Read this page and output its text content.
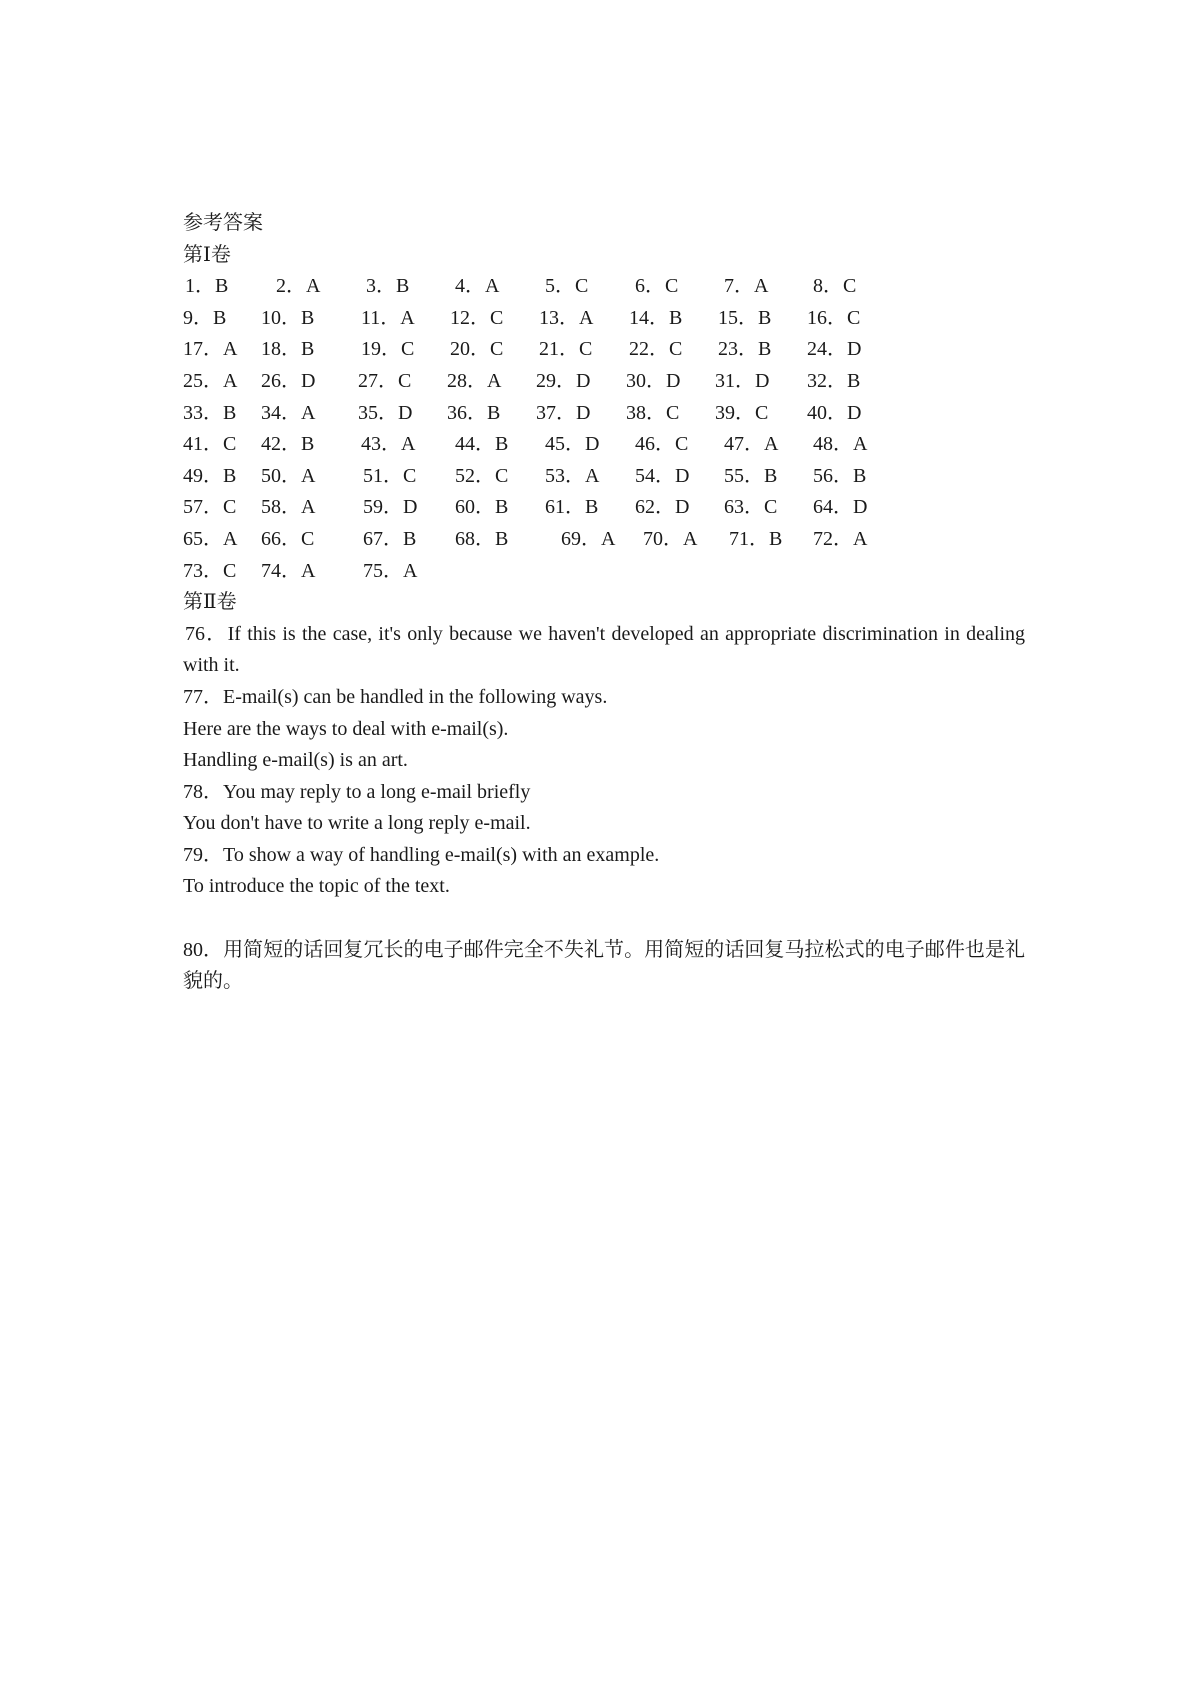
参考答案
第Ⅰ卷
1．B 2．A 3．B 4．A 5．C 6．C 7．A 8．C
9．B 10．B 11．A 12．C 13．A 14．B 15．B 16．C
17．A 18．B 19．C 20．C 21．C 22．C 23．B 24．D
25．A 26．D 27．C 28．A 29．D 30．D 31．D 32．B
33．B 34．A 35．D 36．B 37．D 38．C 39．C 40．D
41．C 42．B 43．A 44．B 45．D 46．C 47．A 48．A
49．B 50．A 51．C 52．C 53．A 54．D 55．B 56．B
57．C 58．A 59．D 60．B 61．B 62．D 63．C 64．D
65．A 66．C 67．B 68．B	69．A 70．A 71．B 72．A
73．C 74．A 75．A
第Ⅱ卷
76．If this is the case, it's only because we haven't developed an appropriate discrimination in dealing with it.
77．E-mail(s) can be handled in the following ways.
Here are the ways to deal with e-mail(s).
Handling e-mail(s) is an art.
78．You may reply to a long e-mail briefly
You don't have to write a long reply e-mail.
79．To show a way of handling e-mail(s) with an example.
To introduce the topic of the text.
80．用简短的话回复冗长的电子邮件完全不失礼节。用简短的话回复马拉松式的电子邮件也是礼貌的。
